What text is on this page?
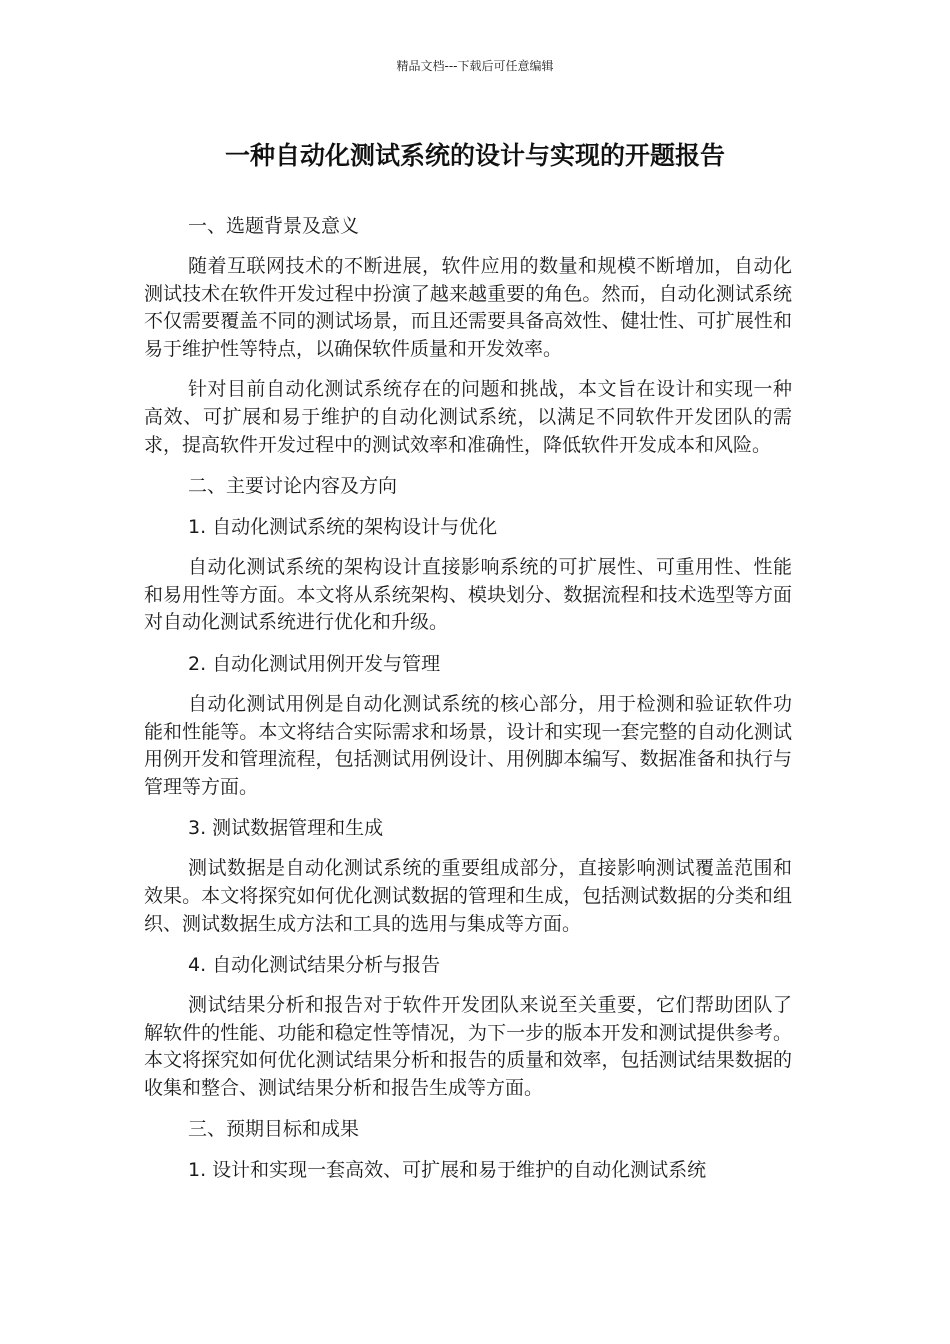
精品文档---下载后可任意编辑
一种自动化测试系统的设计与实现的开题报告
一、选题背景及意义
随着互联网技术的不断进展，软件应用的数量和规模不断增加，自动化测试技术在软件开发过程中扮演了越来越重要的角色。然而，自动化测试系统不仅需要覆盖不同的测试场景，而且还需要具备高效性、健壮性、可扩展性和易于维护性等特点，以确保软件质量和开发效率。
针对目前自动化测试系统存在的问题和挑战，本文旨在设计和实现一种高效、可扩展和易于维护的自动化测试系统，以满足不同软件开发团队的需求，提高软件开发过程中的测试效率和准确性，降低软件开发成本和风险。
二、主要讨论内容及方向
1. 自动化测试系统的架构设计与优化
自动化测试系统的架构设计直接影响系统的可扩展性、可重用性、性能和易用性等方面。本文将从系统架构、模块划分、数据流程和技术选型等方面对自动化测试系统进行优化和升级。
2. 自动化测试用例开发与管理
自动化测试用例是自动化测试系统的核心部分，用于检测和验证软件功能和性能等。本文将结合实际需求和场景，设计和实现一套完整的自动化测试用例开发和管理流程，包括测试用例设计、用例脚本编写、数据准备和执行与管理等方面。
3. 测试数据管理和生成
测试数据是自动化测试系统的重要组成部分，直接影响测试覆盖范围和效果。本文将探究如何优化测试数据的管理和生成，包括测试数据的分类和组织、测试数据生成方法和工具的选用与集成等方面。
4. 自动化测试结果分析与报告
测试结果分析和报告对于软件开发团队来说至关重要，它们帮助团队了解软件的性能、功能和稳定性等情况，为下一步的版本开发和测试提供参考。本文将探究如何优化测试结果分析和报告的质量和效率，包括测试结果数据的收集和整合、测试结果分析和报告生成等方面。
三、预期目标和成果
1. 设计和实现一套高效、可扩展和易于维护的自动化测试系统
